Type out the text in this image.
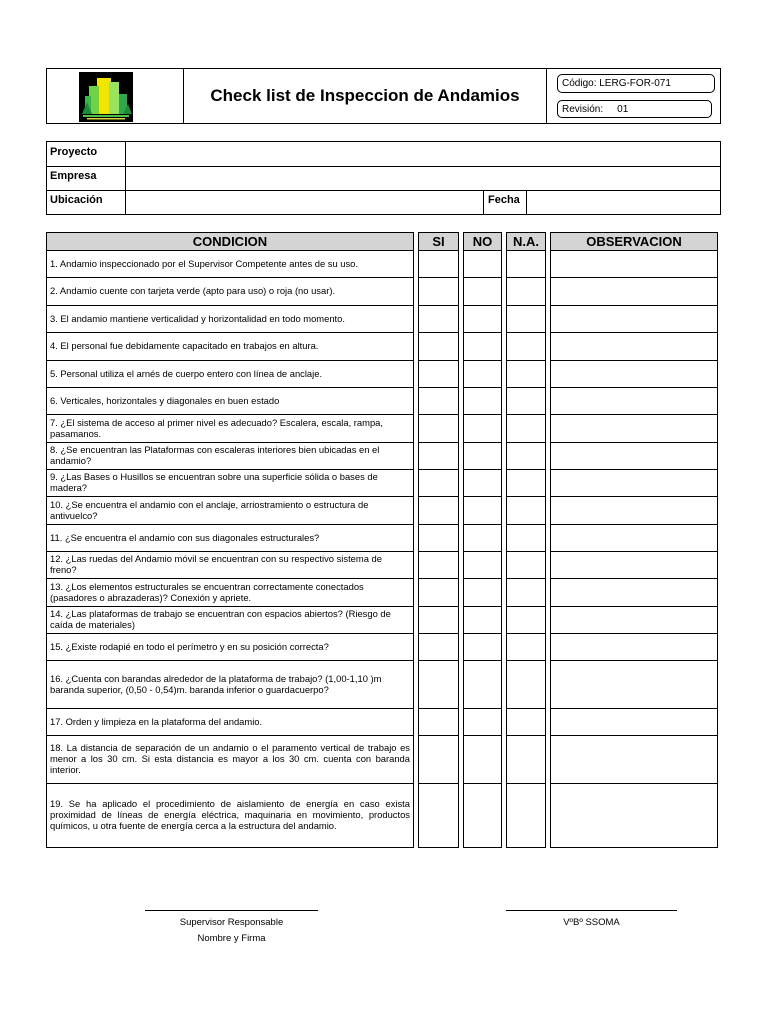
Check list de Inspeccion de Andamios
Código:
LERG-FOR-071
Revisión: 01
Proyecto
Empresa
Ubicación	Fecha
CONDICION	SI	NO	N.A.	OBSERVACION
1. Andamio inspeccionado por el Supervisor Competente antes de su uso.
2. Andamio cuente con tarjeta verde (apto para uso) o roja (no usar).
3. El andamio mantiene verticalidad y horizontalidad en todo momento.
4. El personal fue debidamente capacitado en trabajos en altura.
5. Personal utiliza el arnés de cuerpo entero con línea de anclaje.
6. Verticales, horizontales y diagonales en buen estado
7. ¿El sistema de acceso al primer nivel es adecuado? Escalera, escala, rampa, pasamanos.
8. ¿Se encuentran las Plataformas con escaleras interiores bien ubicadas en el andamio?
9. ¿Las Bases o Husillos se encuentran sobre una superficie sólida o bases de madera?
10. ¿Se encuentra el andamio con el anclaje, arriostramiento o estructura de antivuelco?
11. ¿Se encuentra el andamio con sus diagonales estructurales?
12. ¿Las ruedas del Andamio móvil se encuentran con su respectivo sistema de freno?
13. ¿Los elementos estructurales se encuentran correctamente conectados (pasadores o abrazaderas)? Conexión y apriete.
14. ¿Las plataformas de trabajo se encuentran con espacios abiertos? (Riesgo de caída de materiales)
15. ¿Existe rodapié en todo el perímetro y en su posición correcta?
16. ¿Cuenta con barandas alrededor de la plataforma de trabajo? (1,00-1,10 )m baranda superior, (0,50 - 0,54)m. baranda inferior o guardacuerpo?
17. Orden y limpieza en la plataforma del andamio.
18. La distancia de separación de un andamio o el paramento vertical de trabajo es menor a los 30 cm. Si esta distancia es mayor a los 30 cm. cuenta con baranda interior.
19. Se ha aplicado el procedimiento de aislamiento de energía en caso exista proximidad de líneas de energía eléctrica, maquinaria en movimiento, productos químicos, u otra fuente de energía cerca a la estructura del andamio.
Supervisor Responsable
Nombre y Firma
VºBº SSOMA
